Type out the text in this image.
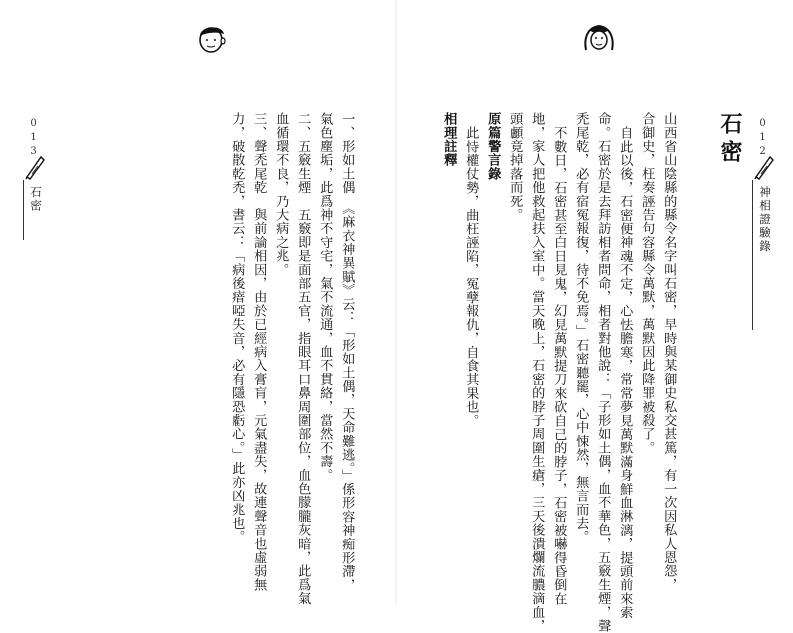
012
神相證驗錄
石密
山西省山陰縣的縣令名字叫石密，早時與某御史私交甚篤，有一次因私人恩怨，
合御史，枉奏誣告句容縣令萬默，萬默因此降罪被殺了。
自此以後，石密便神魂不定，心怯膽寒，常常夢見萬默滿身鮮血淋漓，提頭前來索
命。石密於是去拜訪相者問命，相者對他說：「子形如土偶，血不華色，五竅生煙，聲
禿尾乾，必有宿冤報復，待不免焉。」石密聽罷，心中悚然，無言而去。
不數日，石密甚至白日見鬼，幻見萬默提刀來砍自己的脖子，石密被嚇得昏倒在
地，家人把他救起扶入室中。當天晚上，石密的脖子周圍生瘡，三天後潰爛流膿滴血，
頭顱竟掉落而死。
原篇警言錄
此恃權仗勢，曲枉誣陷，冤孽報仇，自食其果也。
相理註釋
013
石密	一、形如土偶　《麻衣神異賦》云：「形如土偶，天命難逃。」係形容神痴形滯，
氣色塵垢，此爲神不守宅，氣不流通，血不貫絡，當然不壽。
二、五竅生煙　五竅即是面部五官，指眼耳口鼻周圍部位，血色朦朧灰暗，此爲氣
血循環不良，乃大病之兆。
三、聲禿尾乾　與前論相因，由於已經病入膏肓，元氣盡失，故連聲音也虛弱無
力，破散乾禿，書云：「病後瘖啞失音，必有隱恐虧心。」此亦凶兆也。
